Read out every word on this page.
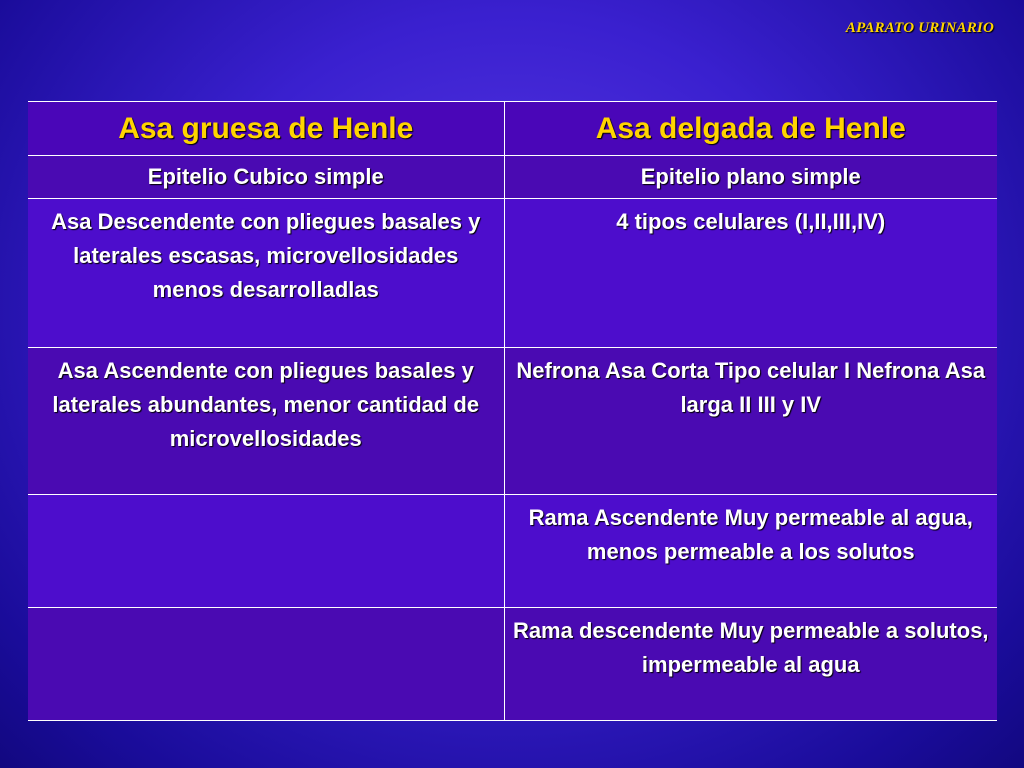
APARATO URINARIO
Asa gruesa de Henle	Asa delgada de Henle
Epitelio Cubico simple	Epitelio plano simple
Asa Descendente con pliegues basales y laterales escasas, microvellosidades menos desarrolladlas	4 tipos celulares (I,II,III,IV)
Asa Ascendente con pliegues basales y laterales abundantes, menor cantidad de microvellosidades	Nefrona Asa Corta Tipo celular I Nefrona Asa larga II III y IV
	Rama Ascendente Muy permeable al agua, menos permeable a los solutos
	Rama descendente Muy permeable a solutos, impermeable al agua
